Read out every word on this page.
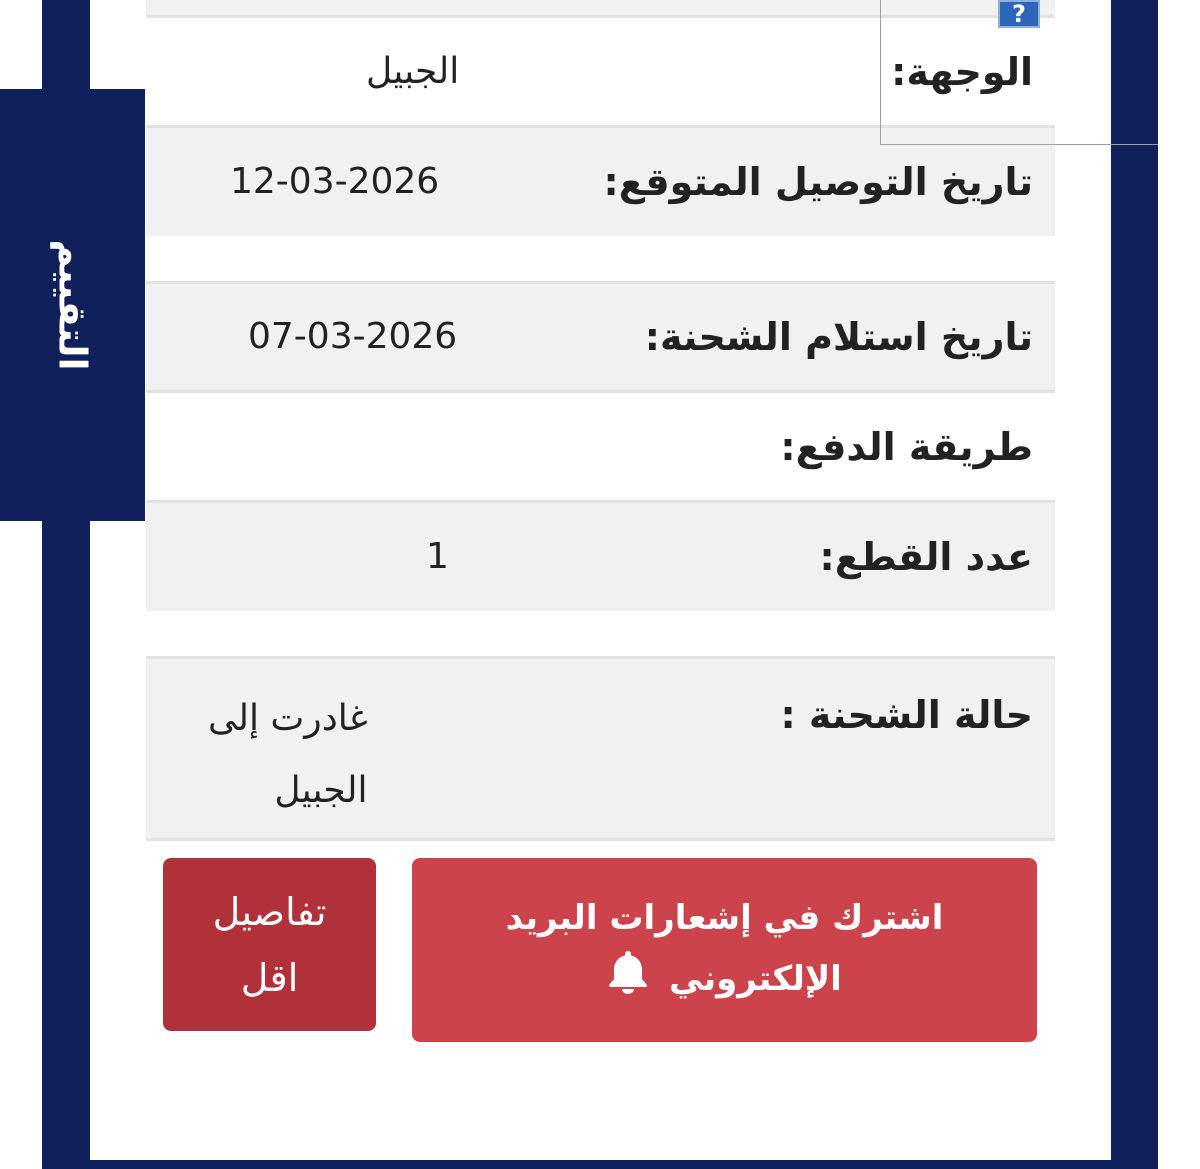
الوجهة:
الجبيل
تاريخ التوصيل المتوقع:
12-03-2026
تاريخ استلام الشحنة:
07-03-2026
طريقة الدفع:
عدد القطع:
1
حالة الشحنة :
غادرت إلى
الجبيل
?
التقييم
تفاصيل
اقل
اشترك في إشعارات البريد
الإلكتروني
